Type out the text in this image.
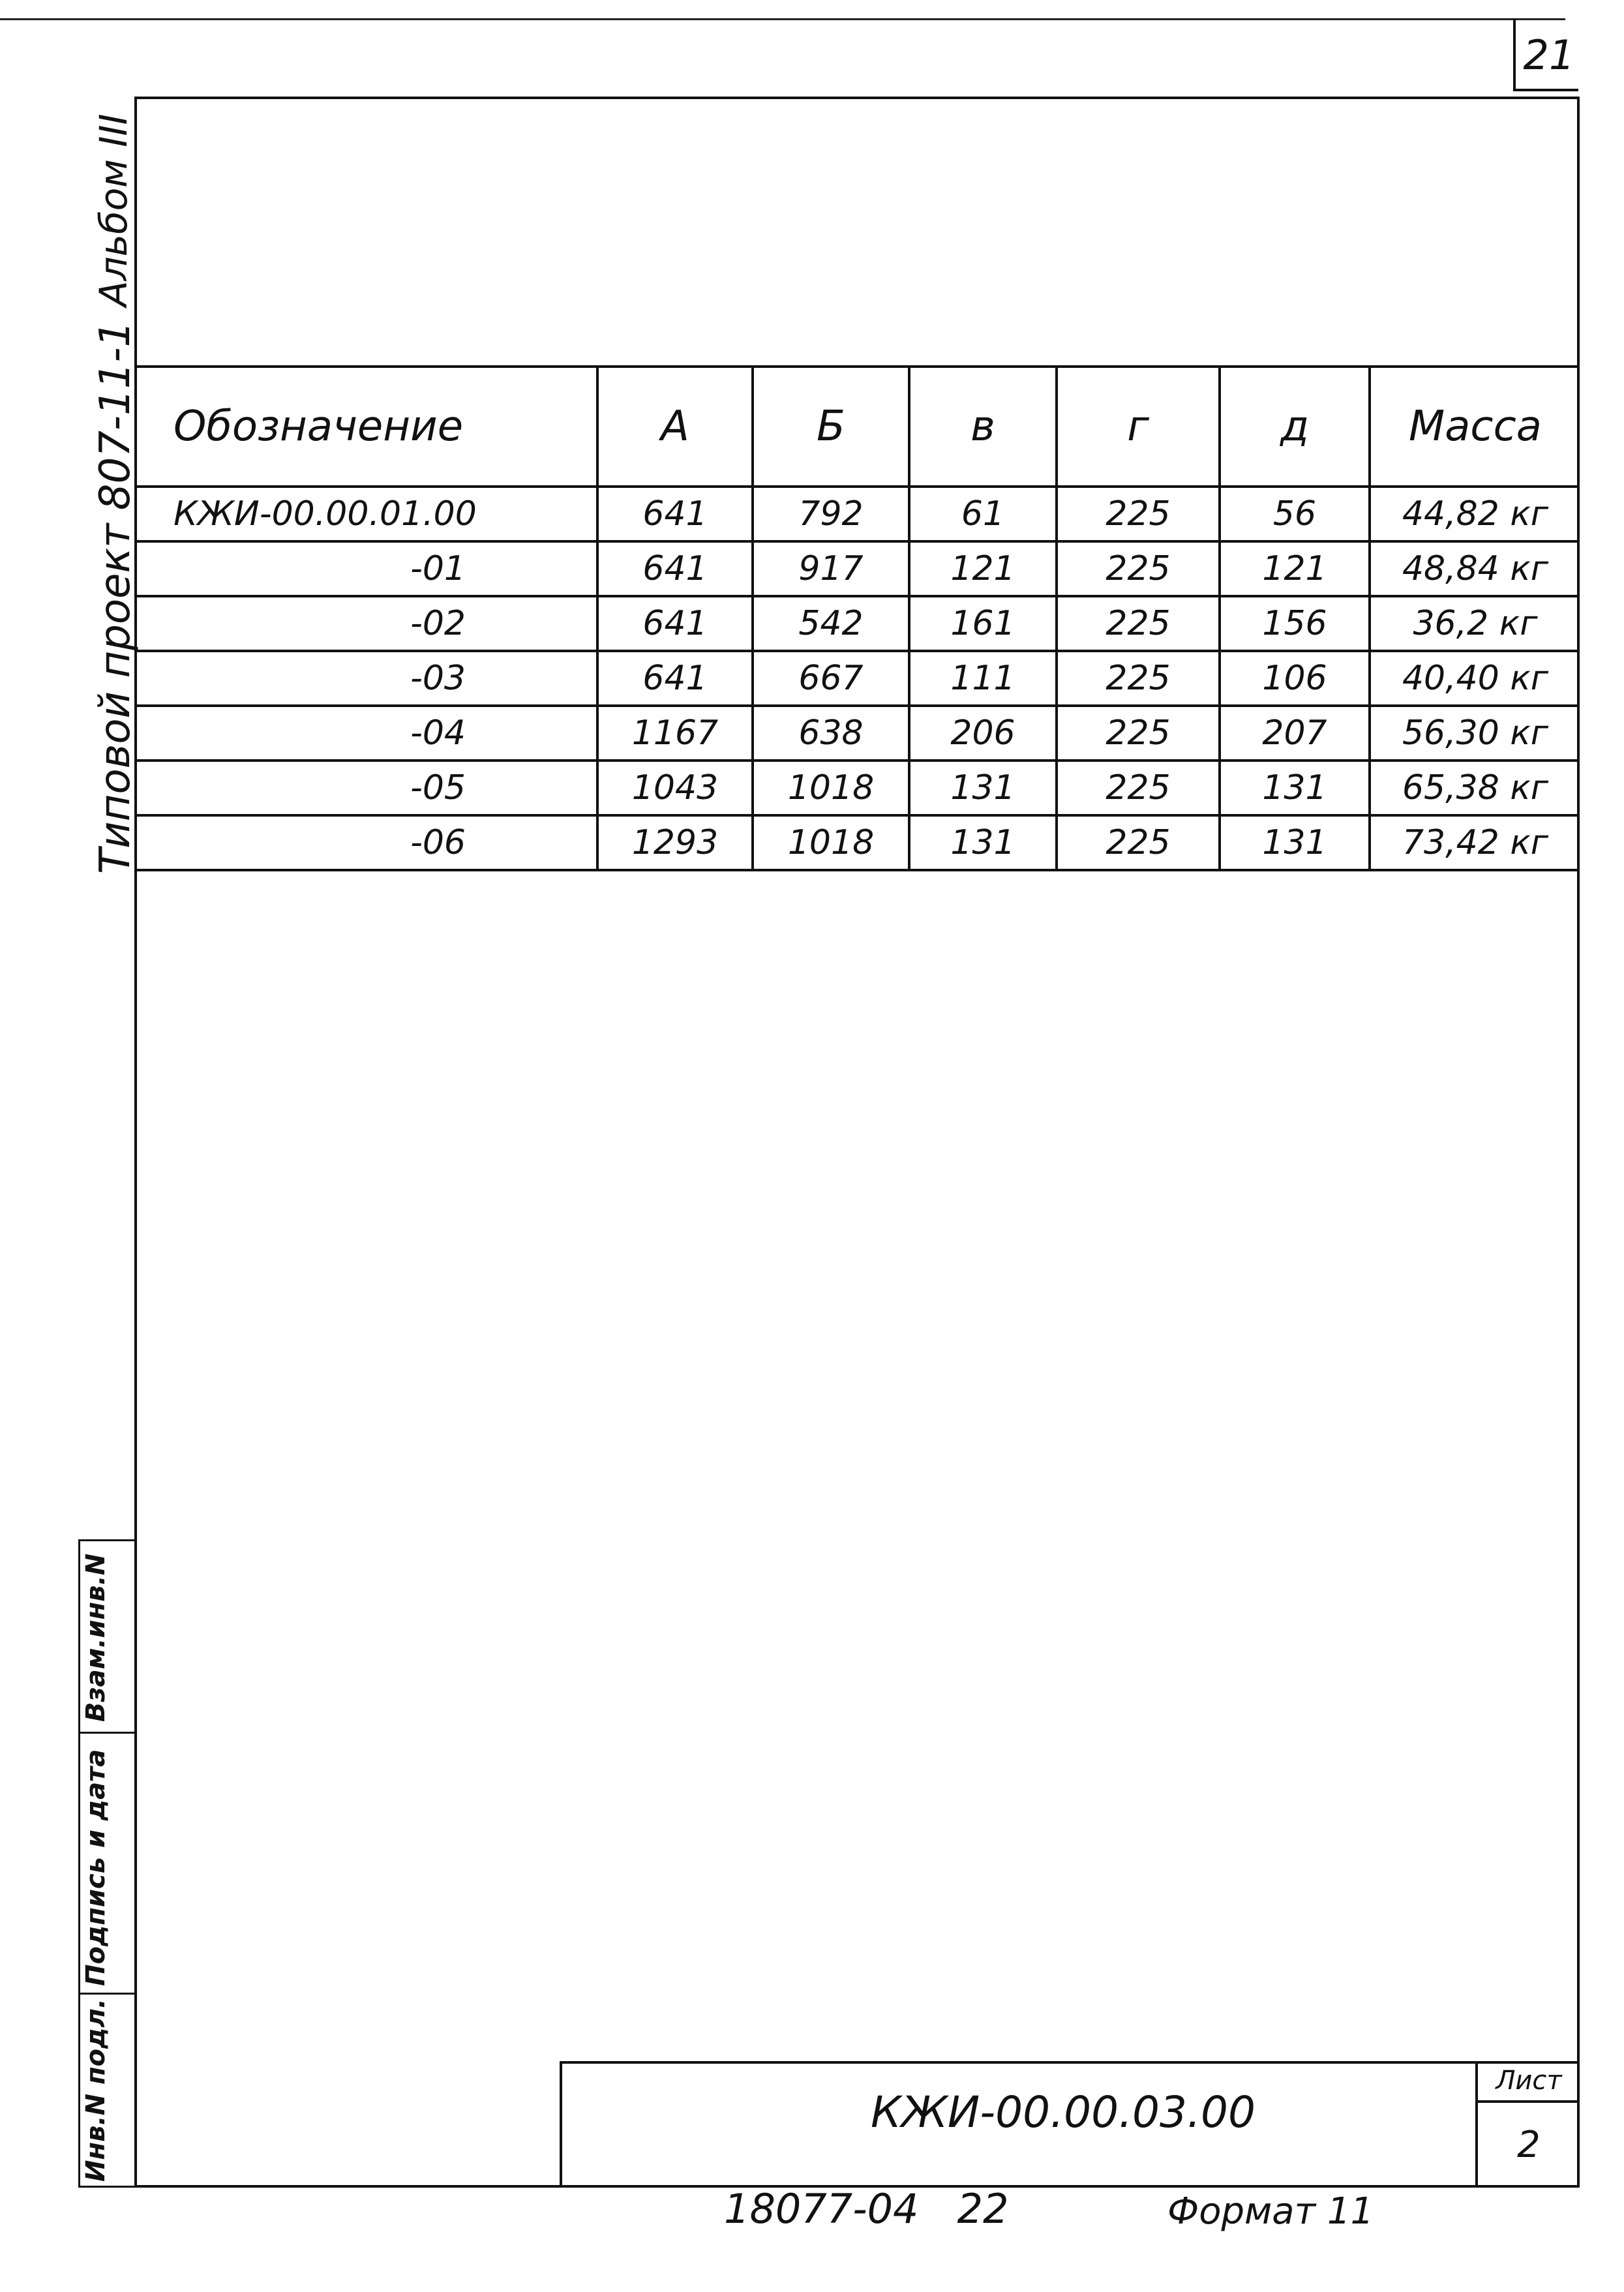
21
Альбом III
Типовой проект 807-11-1
Взам.инв.N
Подпись и дата
Инв.N подл.
Обозначение	А	Б	в	г	д	Масса
КЖИ-00.00.01.00	641	792	61	225	56	44,82 кг
-01	641	917	121	225	121	48,84 кг
-02	641	542	161	225	156	36,2 кг
-03	641	667	111	225	106	40,40 кг
-04	1167	638	206	225	207	56,30 кг
-05	1043	1018	131	225	131	65,38 кг
-06	1293	1018	131	225	131	73,42 кг
КЖИ-00.00.03.00
Лист
2
18077-04   22	Формат 11
